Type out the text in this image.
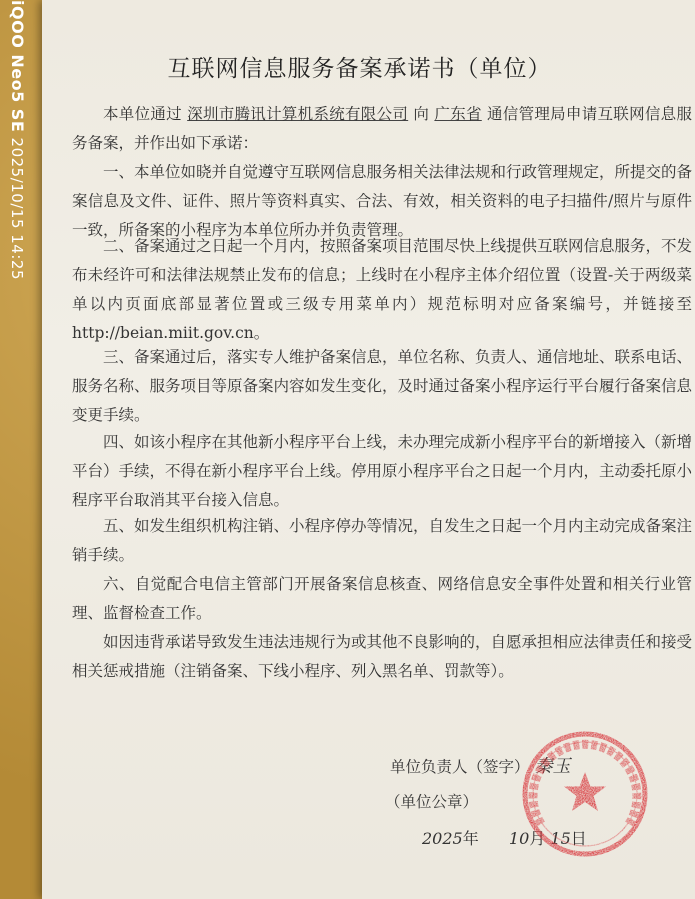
iQOO Neo5 SE 2025/10/15 14:25
互联网信息服务备案承诺书（单位）
本单位通过 深圳市腾讯计算机系统有限公司 向 广东省 通信管理局申请互联网信息服务备案，并作出如下承诺：
一、本单位如晓并自觉遵守互联网信息服务相关法律法规和行政管理规定，所提交的备案信息及文件、证件、照片等资料真实、合法、有效，相关资料的电子扫描件/照片与原件一致，所备案的小程序为本单位所办并负责管理。
二、备案通过之日起一个月内，按照备案项目范围尽快上线提供互联网信息服务，不发布未经许可和法律法规禁止发布的信息；上线时在小程序主体介绍位置（设置-关于两级菜单以内页面底部显著位置或三级专用菜单内）规范标明对应备案编号，并链接至 http://beian.miit.gov.cn。
三、备案通过后，落实专人维护备案信息，单位名称、负责人、通信地址、联系电话、服务名称、服务项目等原备案内容如发生变化，及时通过备案小程序运行平台履行备案信息变更手续。
四、如该小程序在其他新小程序平台上线，未办理完成新小程序平台的新增接入（新增平台）手续，不得在新小程序平台上线。停用原小程序平台之日起一个月内，主动委托原小程序平台取消其平台接入信息。
五、如发生组织机构注销、小程序停办等情况，自发生之日起一个月内主动完成备案注销手续。
六、自觉配合电信主管部门开展备案信息核查、网络信息安全事件处置和相关行业管理、监督检查工作。
如因违背承诺导致发生违法违规行为或其他不良影响的，自愿承担相应法律责任和接受相关惩戒措施（注销备案、下线小程序、列入黑名单、罚款等）。
单位负责人（签字） 秦玉
（单位公章）
2025年 10月 15日
